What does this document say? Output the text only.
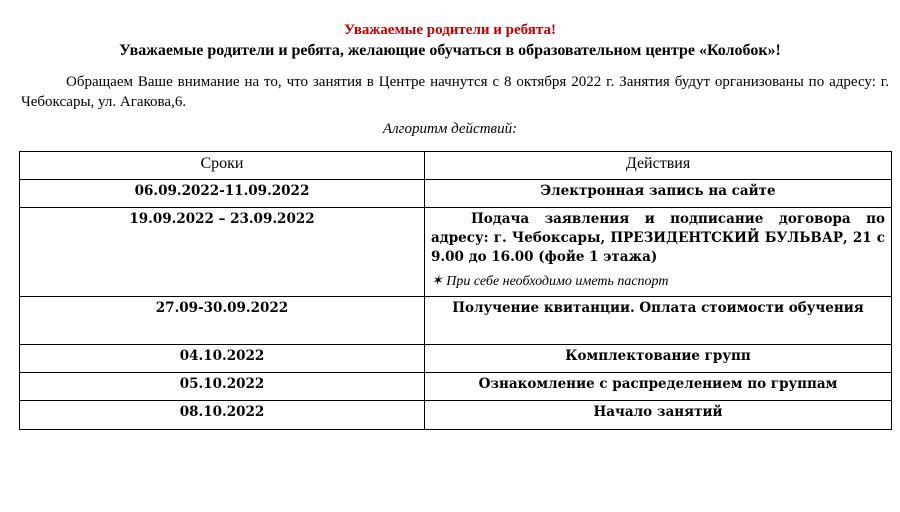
Уважаемые родители и ребята!
Уважаемые родители и ребята, желающие обучаться в образовательном центре «Колобок»!

Обращаем Ваше внимание на то, что занятия в Центре начнутся с 8 октября 2022 г. Занятия будут организованы по адресу: г. Чебоксары, ул. Агакова,6.

Алгоритм действий:
Сроки	Действия
06.09.2022-11.09.2022	Электронная запись на сайте
19.09.2022 – 23.09.2022	Подача заявления и подписание договора по адресу: г. Чебоксары, ПРЕЗИДЕНТСКИЙ БУЛЬВАР, 21 с 9.00 до 16.00 (фойе 1 этажа)
✶ При себе необходимо иметь паспорт

27.09-30.09.2022	Получение квитанции. Оплата стоимости обучения
04.10.2022	Комплектование групп
05.10.2022	Ознакомление с распределением по группам
08.10.2022	Начало занятий
